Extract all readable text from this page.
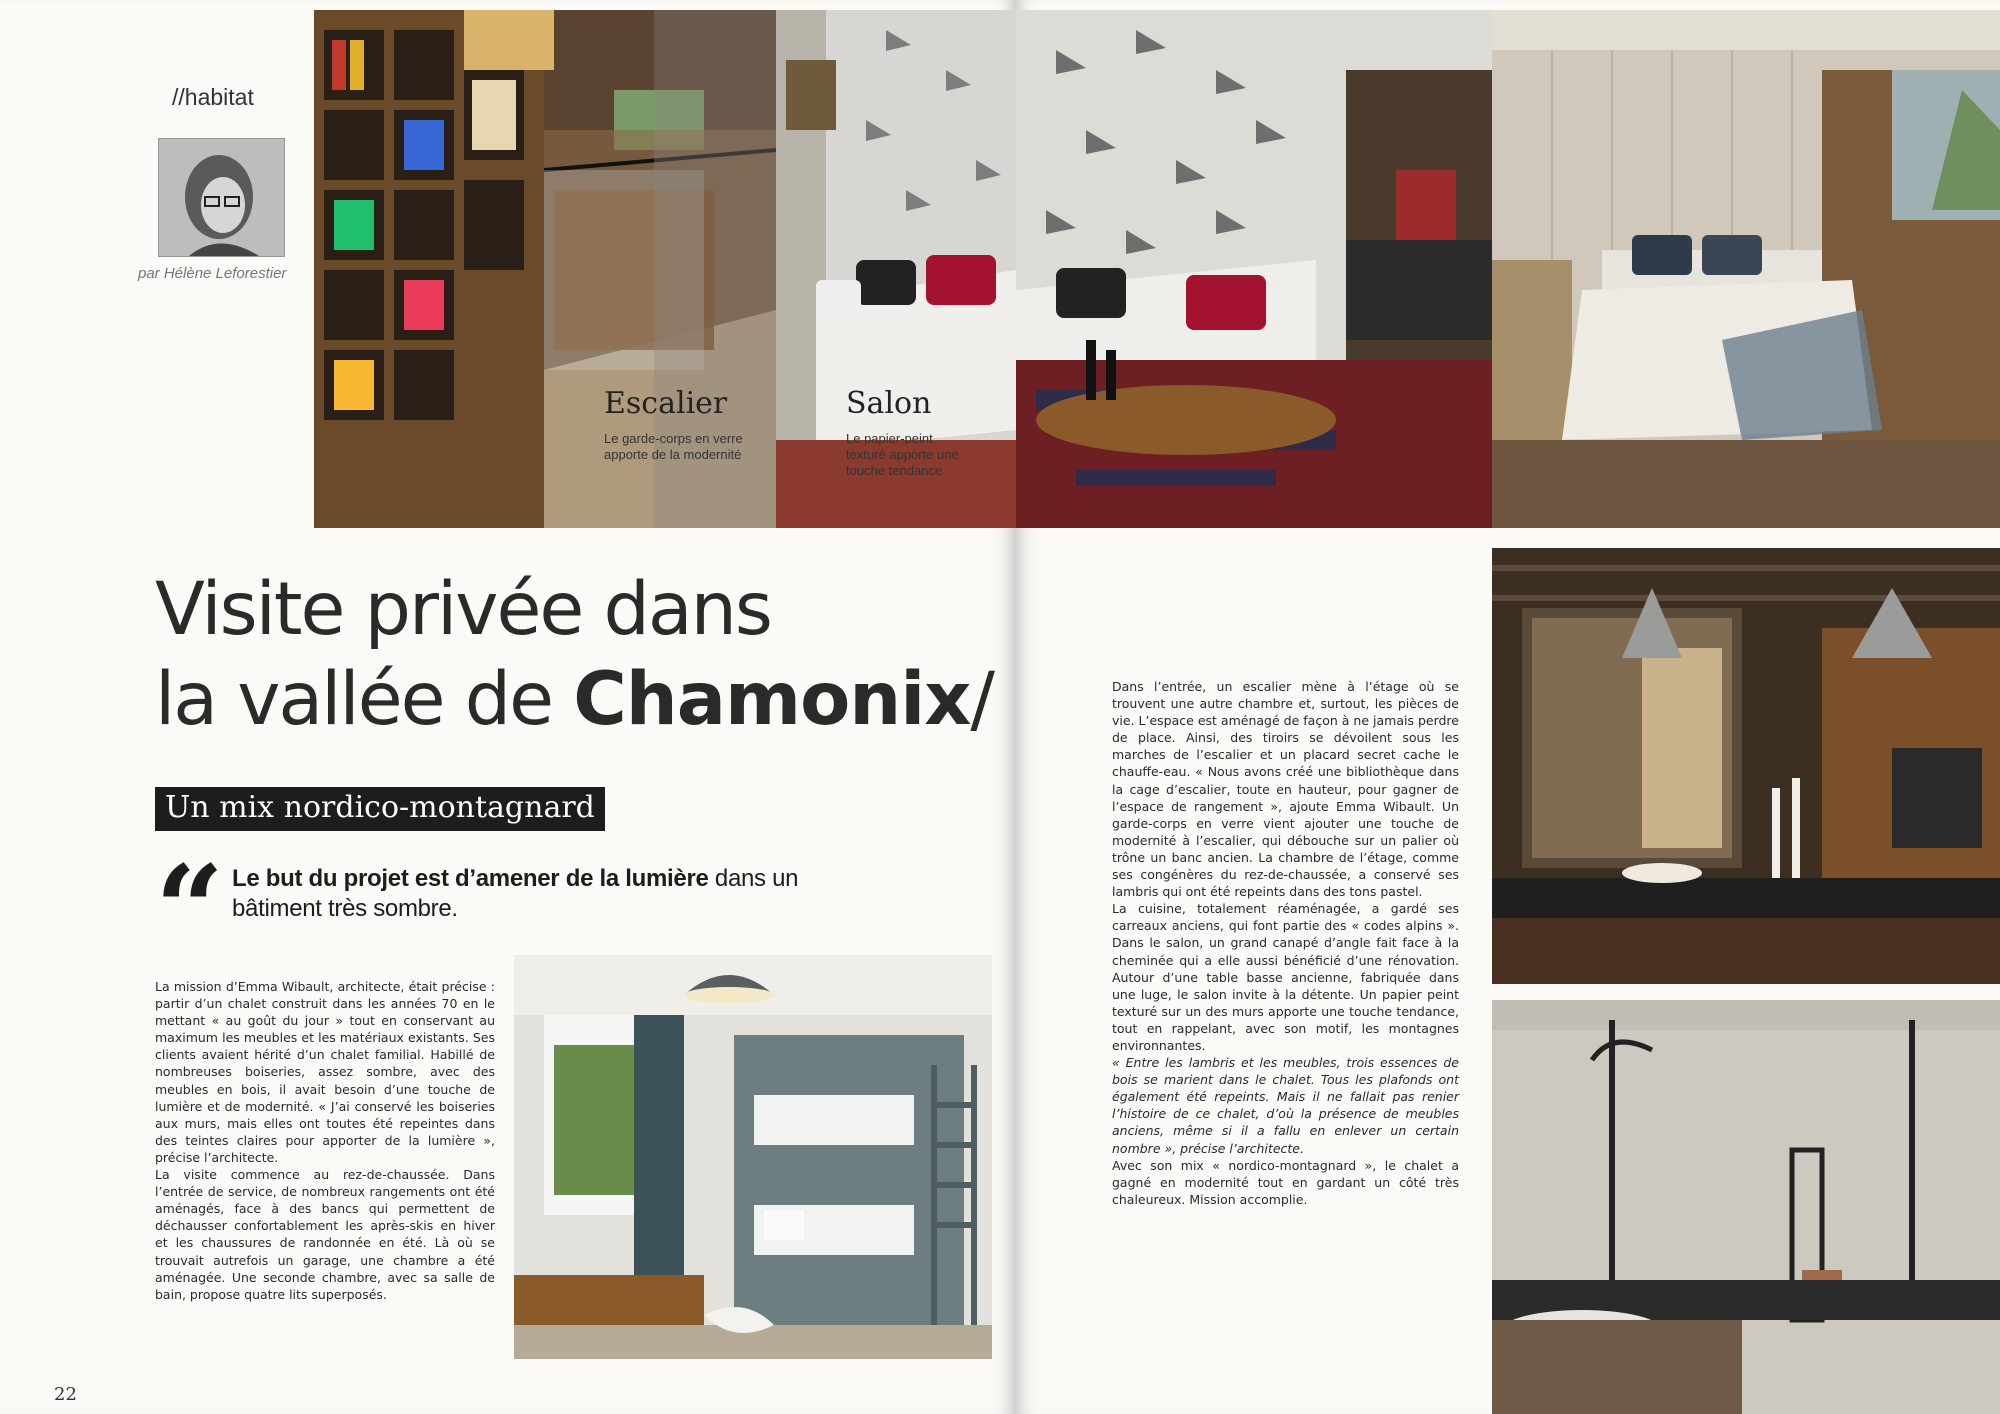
//habitat
par Hélène Leforestier
Escalier
Le garde-corps en verre apporte de la modernité
Salon
Le papier-peint texturé apporte une touche tendance
Visite privée dans
la vallée de Chamonix/
Un mix nordico-montagnard
“ Le but du projet est d’amener de la lumière dans un bâtiment très sombre.

La mission d’Emma Wibault, architecte, était précise : partir d’un chalet construit dans les années 70 en le mettant « au goût du jour » tout en conservant au maximum les meubles et les matériaux existants. Ses clients avaient hérité d’un chalet familial. Habillé de nombreuses boiseries, assez sombre, avec des meubles en bois, il avait besoin d’une touche de lumière et de modernité. « J’ai conservé les boiseries aux murs, mais elles ont toutes été repeintes dans des teintes claires pour apporter de la lumière », précise l’architecte.

La visite commence au rez-de-chaussée. Dans l’entrée de service, de nombreux rangements ont été aménagés, face à des bancs qui permettent de déchausser confortablement les après-skis en hiver et les chaussures de randonnée en été. Là où se trouvait autrefois un garage, une chambre a été aménagée. Une seconde chambre, avec sa salle de bain, propose quatre lits superposés.

22

Dans l’entrée, un escalier mène à l’étage où se trouvent une autre chambre et, surtout, les pièces de vie. L’espace est aménagé de façon à ne jamais perdre de place. Ainsi, des tiroirs se dévoilent sous les marches de l’escalier et un placard secret cache le chauffe-eau. « Nous avons créé une bibliothèque dans la cage d’escalier, toute en hauteur, pour gagner de l’espace de rangement », ajoute Emma Wibault. Un garde-corps en verre vient ajouter une touche de modernité à l’escalier, qui débouche sur un palier où trône un banc ancien. La chambre de l’étage, comme ses congénères du rez-de-chaussée, a conservé ses lambris qui ont été repeints dans des tons pastel.

La cuisine, totalement réaménagée, a gardé ses carreaux anciens, qui font partie des « codes alpins ». Dans le salon, un grand canapé d’angle fait face à la cheminée qui a elle aussi bénéficié d’une rénovation. Autour d’une table basse ancienne, fabriquée dans une luge, le salon invite à la détente. Un papier peint texturé sur un des murs apporte une touche tendance, tout en rappelant, avec son motif, les montagnes environnantes.

« Entre les lambris et les meubles, trois essences de bois se marient dans le chalet. Tous les plafonds ont également été repeints. Mais il ne fallait pas renier l’histoire de ce chalet, d’où la présence de meubles anciens, même si il a fallu en enlever un certain nombre », précise l’architecte.

Avec son mix « nordico-montagnard », le chalet a gagné en modernité tout en gardant un côté très chaleureux. Mission accomplie.
